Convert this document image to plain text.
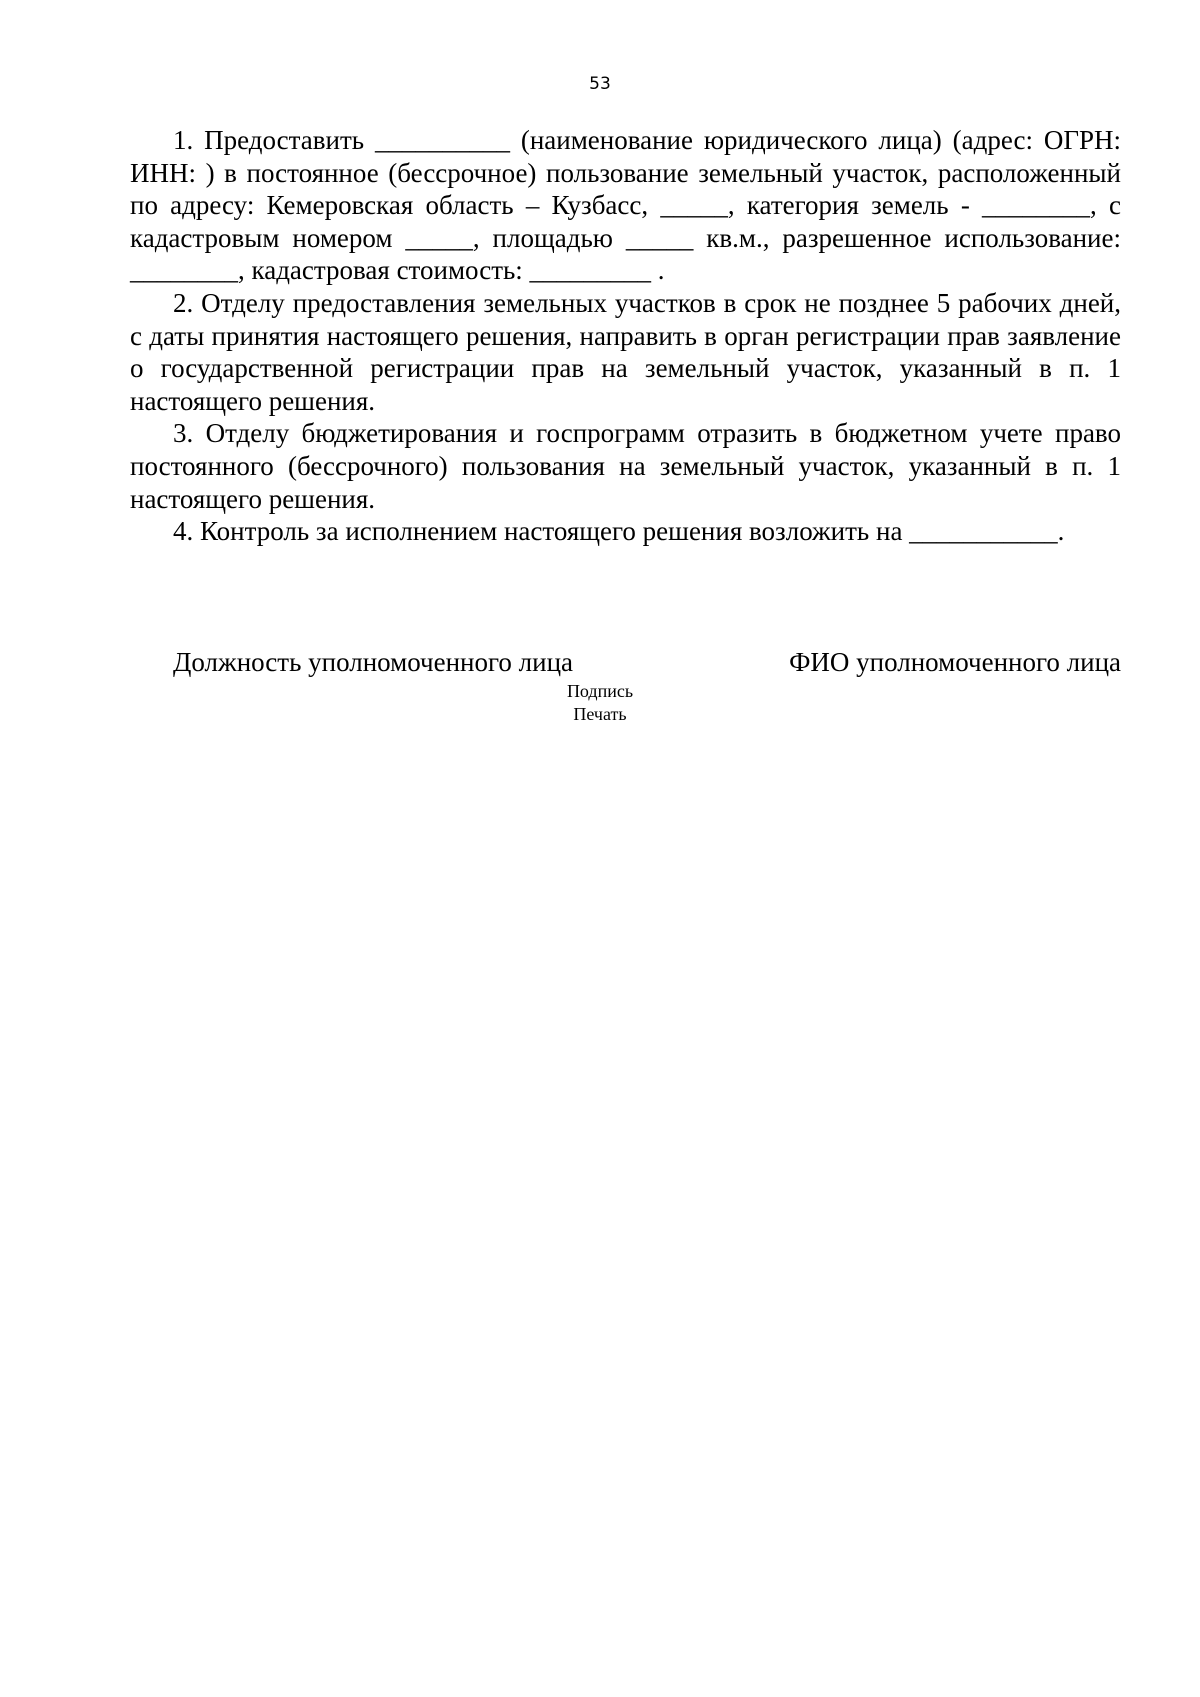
53

1. Предоставить __________ (наименование юридического лица) (адрес: ОГРН: ИНН: ) в постоянное (бессрочное) пользование земельный участок, расположенный по адресу: Кемеровская область – Кузбасс, _____, категория земель - ________, с кадастровым номером _____, площадью _____ кв.м., разрешенное использование: ________, кадастровая стоимость: _________ .

2. Отделу предоставления земельных участков в срок не позднее 5 рабочих дней, с даты принятия настоящего решения, направить в орган регистрации прав заявление о государственной регистрации прав на земельный участок, указанный в п. 1 настоящего решения.

3. Отделу бюджетирования и госпрограмм отразить в бюджетном учете право постоянного (бессрочного) пользования на земельный участок, указанный в п. 1 настоящего решения.

4. Контроль за исполнением настоящего решения возложить на ___________.

Должность уполномоченного лица	ФИО уполномоченного лица
Подпись
Печать
